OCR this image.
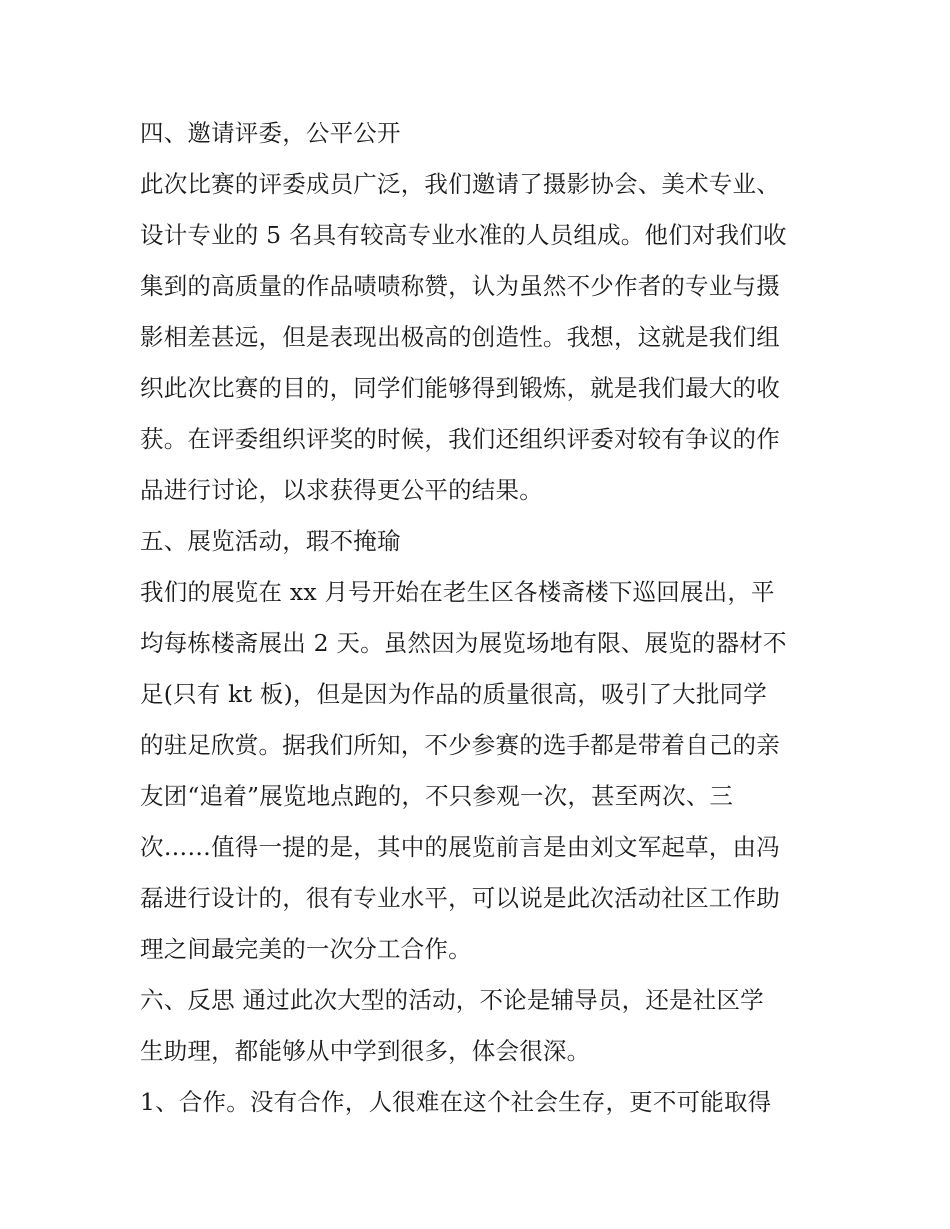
四、邀请评委，公平公开
此次比赛的评委成员广泛，我们邀请了摄影协会、美术专业、
设计专业的 5 名具有较高专业水准的人员组成。他们对我们收
集到的高质量的作品啧啧称赞，认为虽然不少作者的专业与摄
影相差甚远，但是表现出极高的创造性。我想，这就是我们组
织此次比赛的目的，同学们能够得到锻炼，就是我们最大的收
获。在评委组织评奖的时候，我们还组织评委对较有争议的作
品进行讨论，以求获得更公平的结果。
五、展览活动，瑕不掩瑜
我们的展览在 xx 月号开始在老生区各楼斋楼下巡回展出，平
均每栋楼斋展出 2 天。虽然因为展览场地有限、展览的器材不
足(只有 kt 板)，但是因为作品的质量很高，吸引了大批同学
的驻足欣赏。据我们所知，不少参赛的选手都是带着自己的亲
友团“追着”展览地点跑的，不只参观一次，甚至两次、三
次……值得一提的是，其中的展览前言是由刘文军起草，由冯
磊进行设计的，很有专业水平，可以说是此次活动社区工作助
理之间最完美的一次分工合作。
六、反思 通过此次大型的活动，不论是辅导员，还是社区学
生助理，都能够从中学到很多，体会很深。
1、合作。没有合作，人很难在这个社会生存，更不可能取得
